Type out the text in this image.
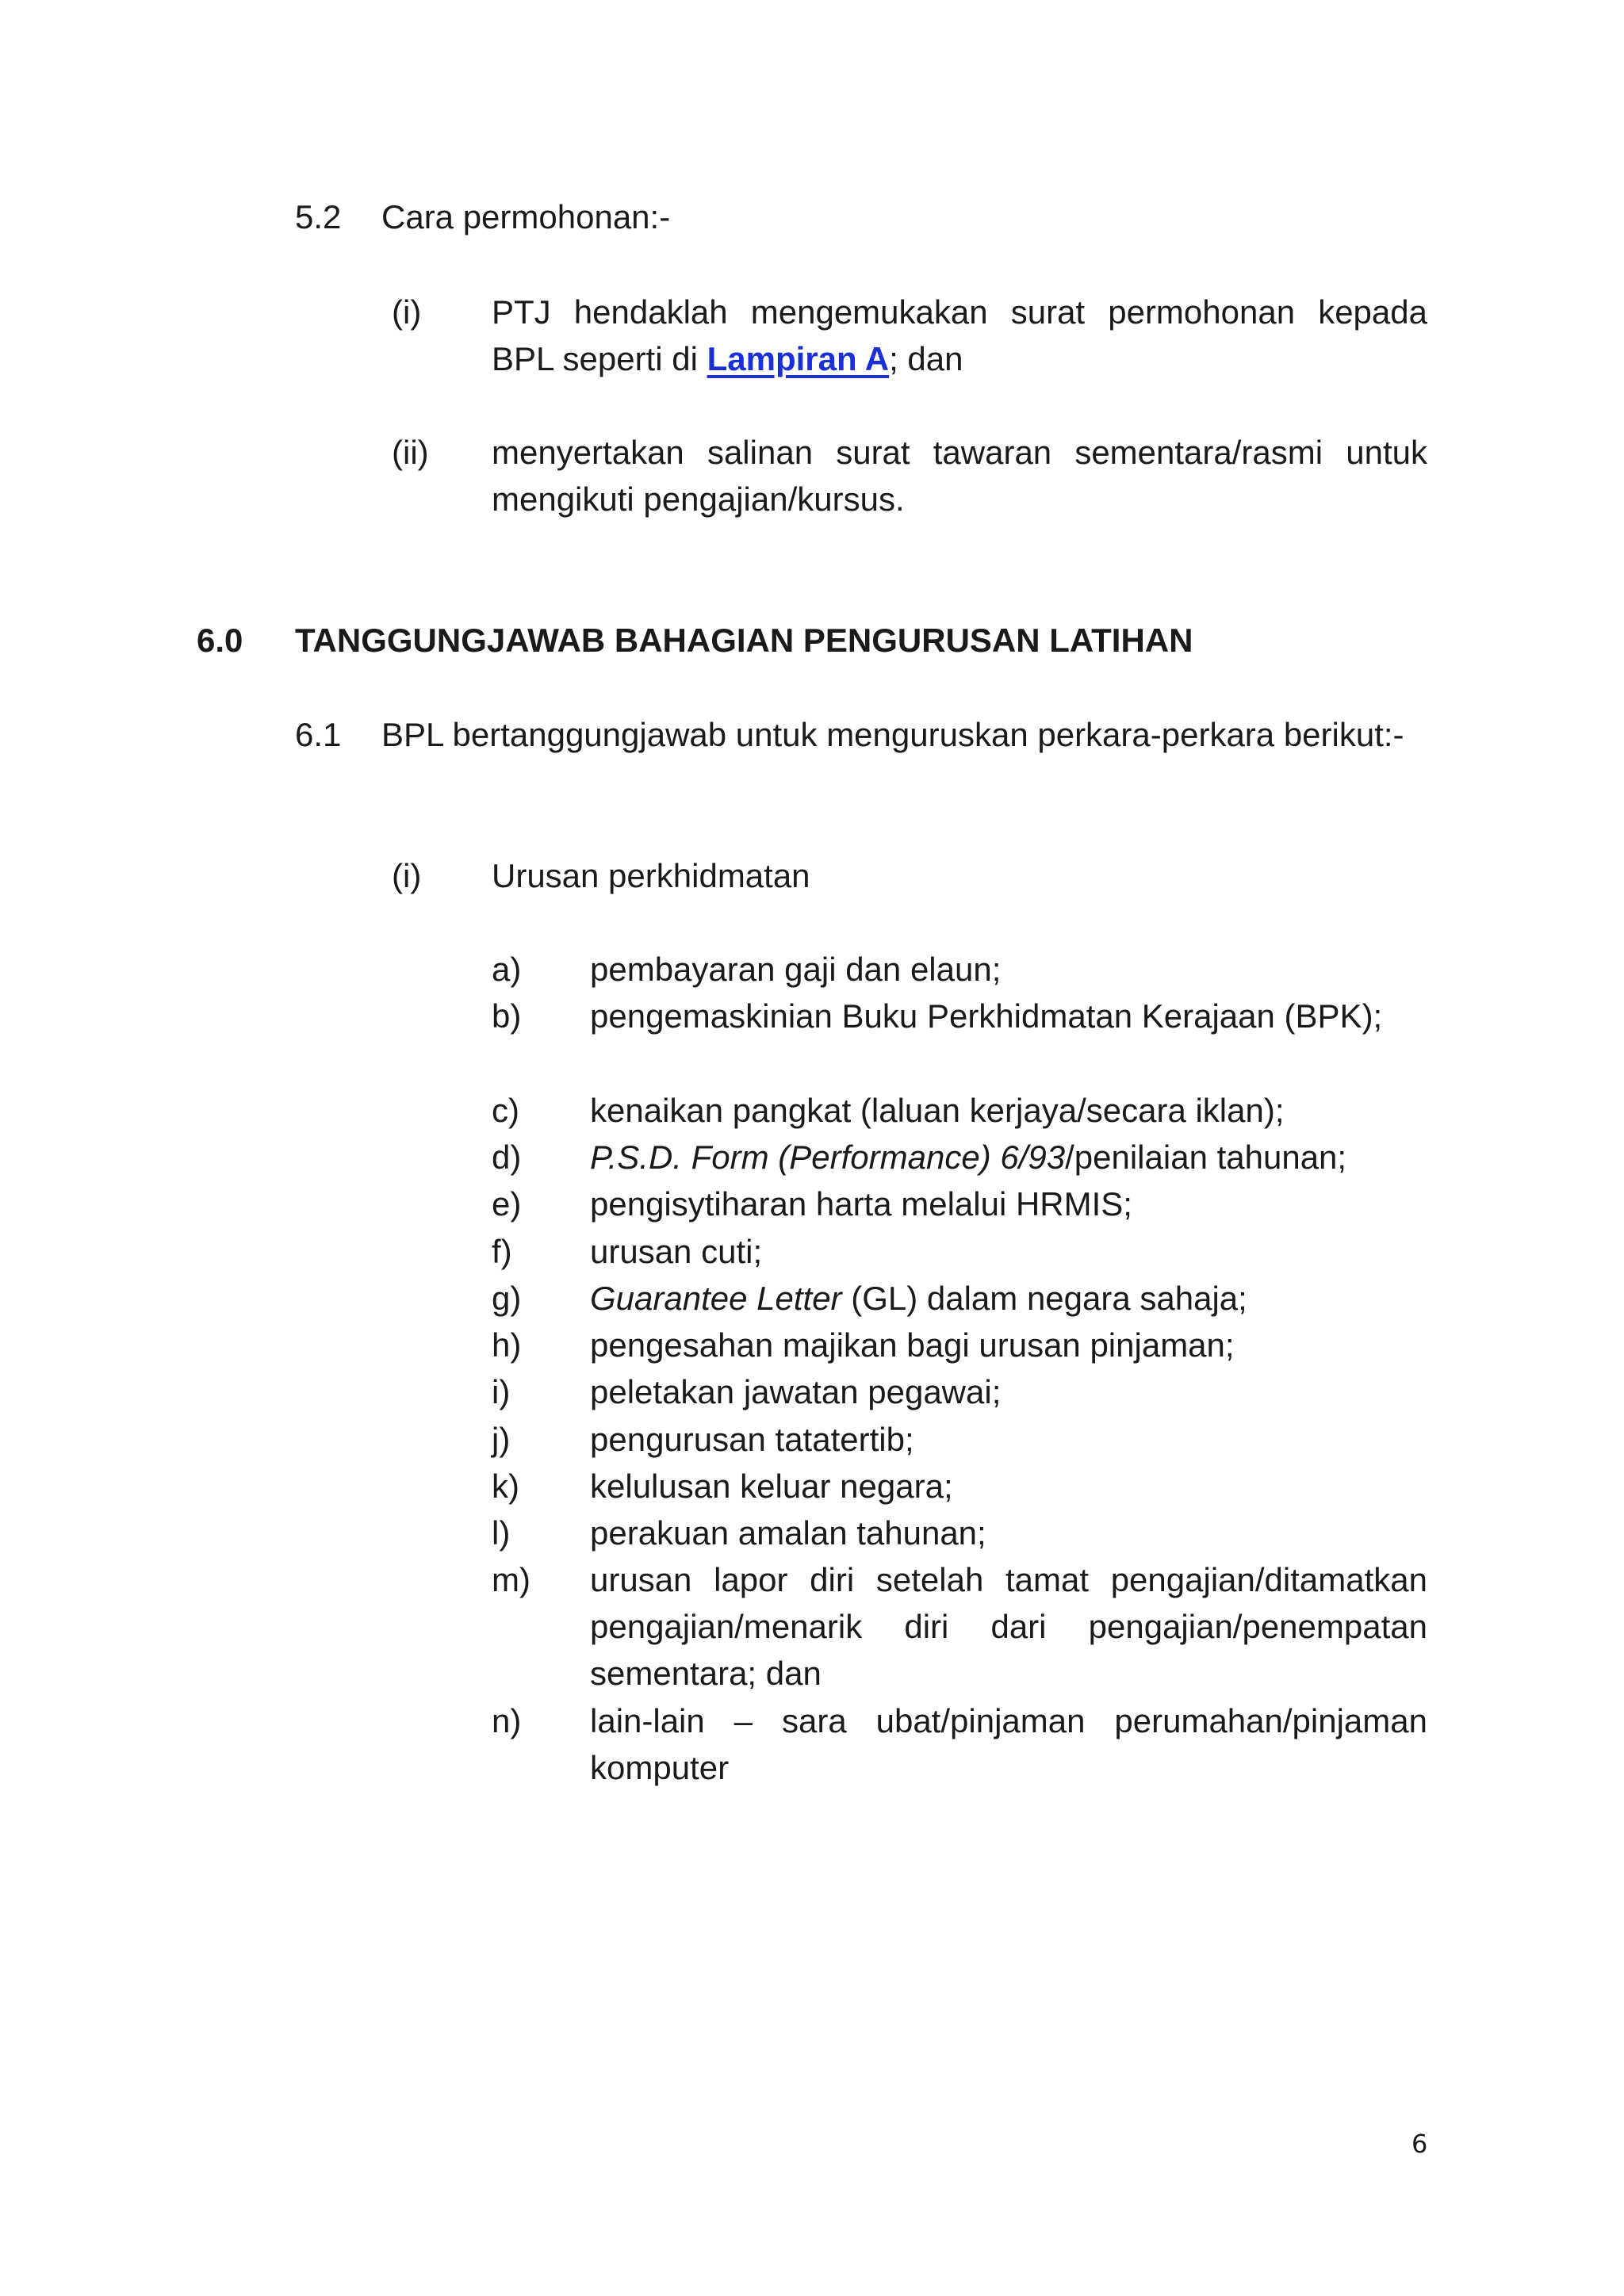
5.2 Cara permohonan:-
(i) PTJ hendaklah mengemukakan surat permohonan kepada BPL seperti di Lampiran A; dan
(ii) menyertakan salinan surat tawaran sementara/rasmi untuk mengikuti pengajian/kursus.
6.0 TANGGUNGJAWAB BAHAGIAN PENGURUSAN LATIHAN
6.1 BPL bertanggungjawab untuk menguruskan perkara-perkara berikut:-
(i) Urusan perkhidmatan
a) pembayaran gaji dan elaun;
b) pengemaskinian Buku Perkhidmatan Kerajaan (BPK);
c) kenaikan pangkat (laluan kerjaya/secara iklan);
d) P.S.D. Form (Performance) 6/93/penilaian tahunan;
e) pengisytiharan harta melalui HRMIS;
f) urusan cuti;
g) Guarantee Letter (GL) dalam negara sahaja;
h) pengesahan majikan bagi urusan pinjaman;
i) peletakan jawatan pegawai;
j) pengurusan tatatertib;
k) kelulusan keluar negara;
l) perakuan amalan tahunan;
m) urusan lapor diri setelah tamat pengajian/ditamatkan pengajian/menarik diri dari pengajian/penempatan sementara; dan
n) lain-lain – sara ubat/pinjaman perumahan/pinjaman komputer
6
